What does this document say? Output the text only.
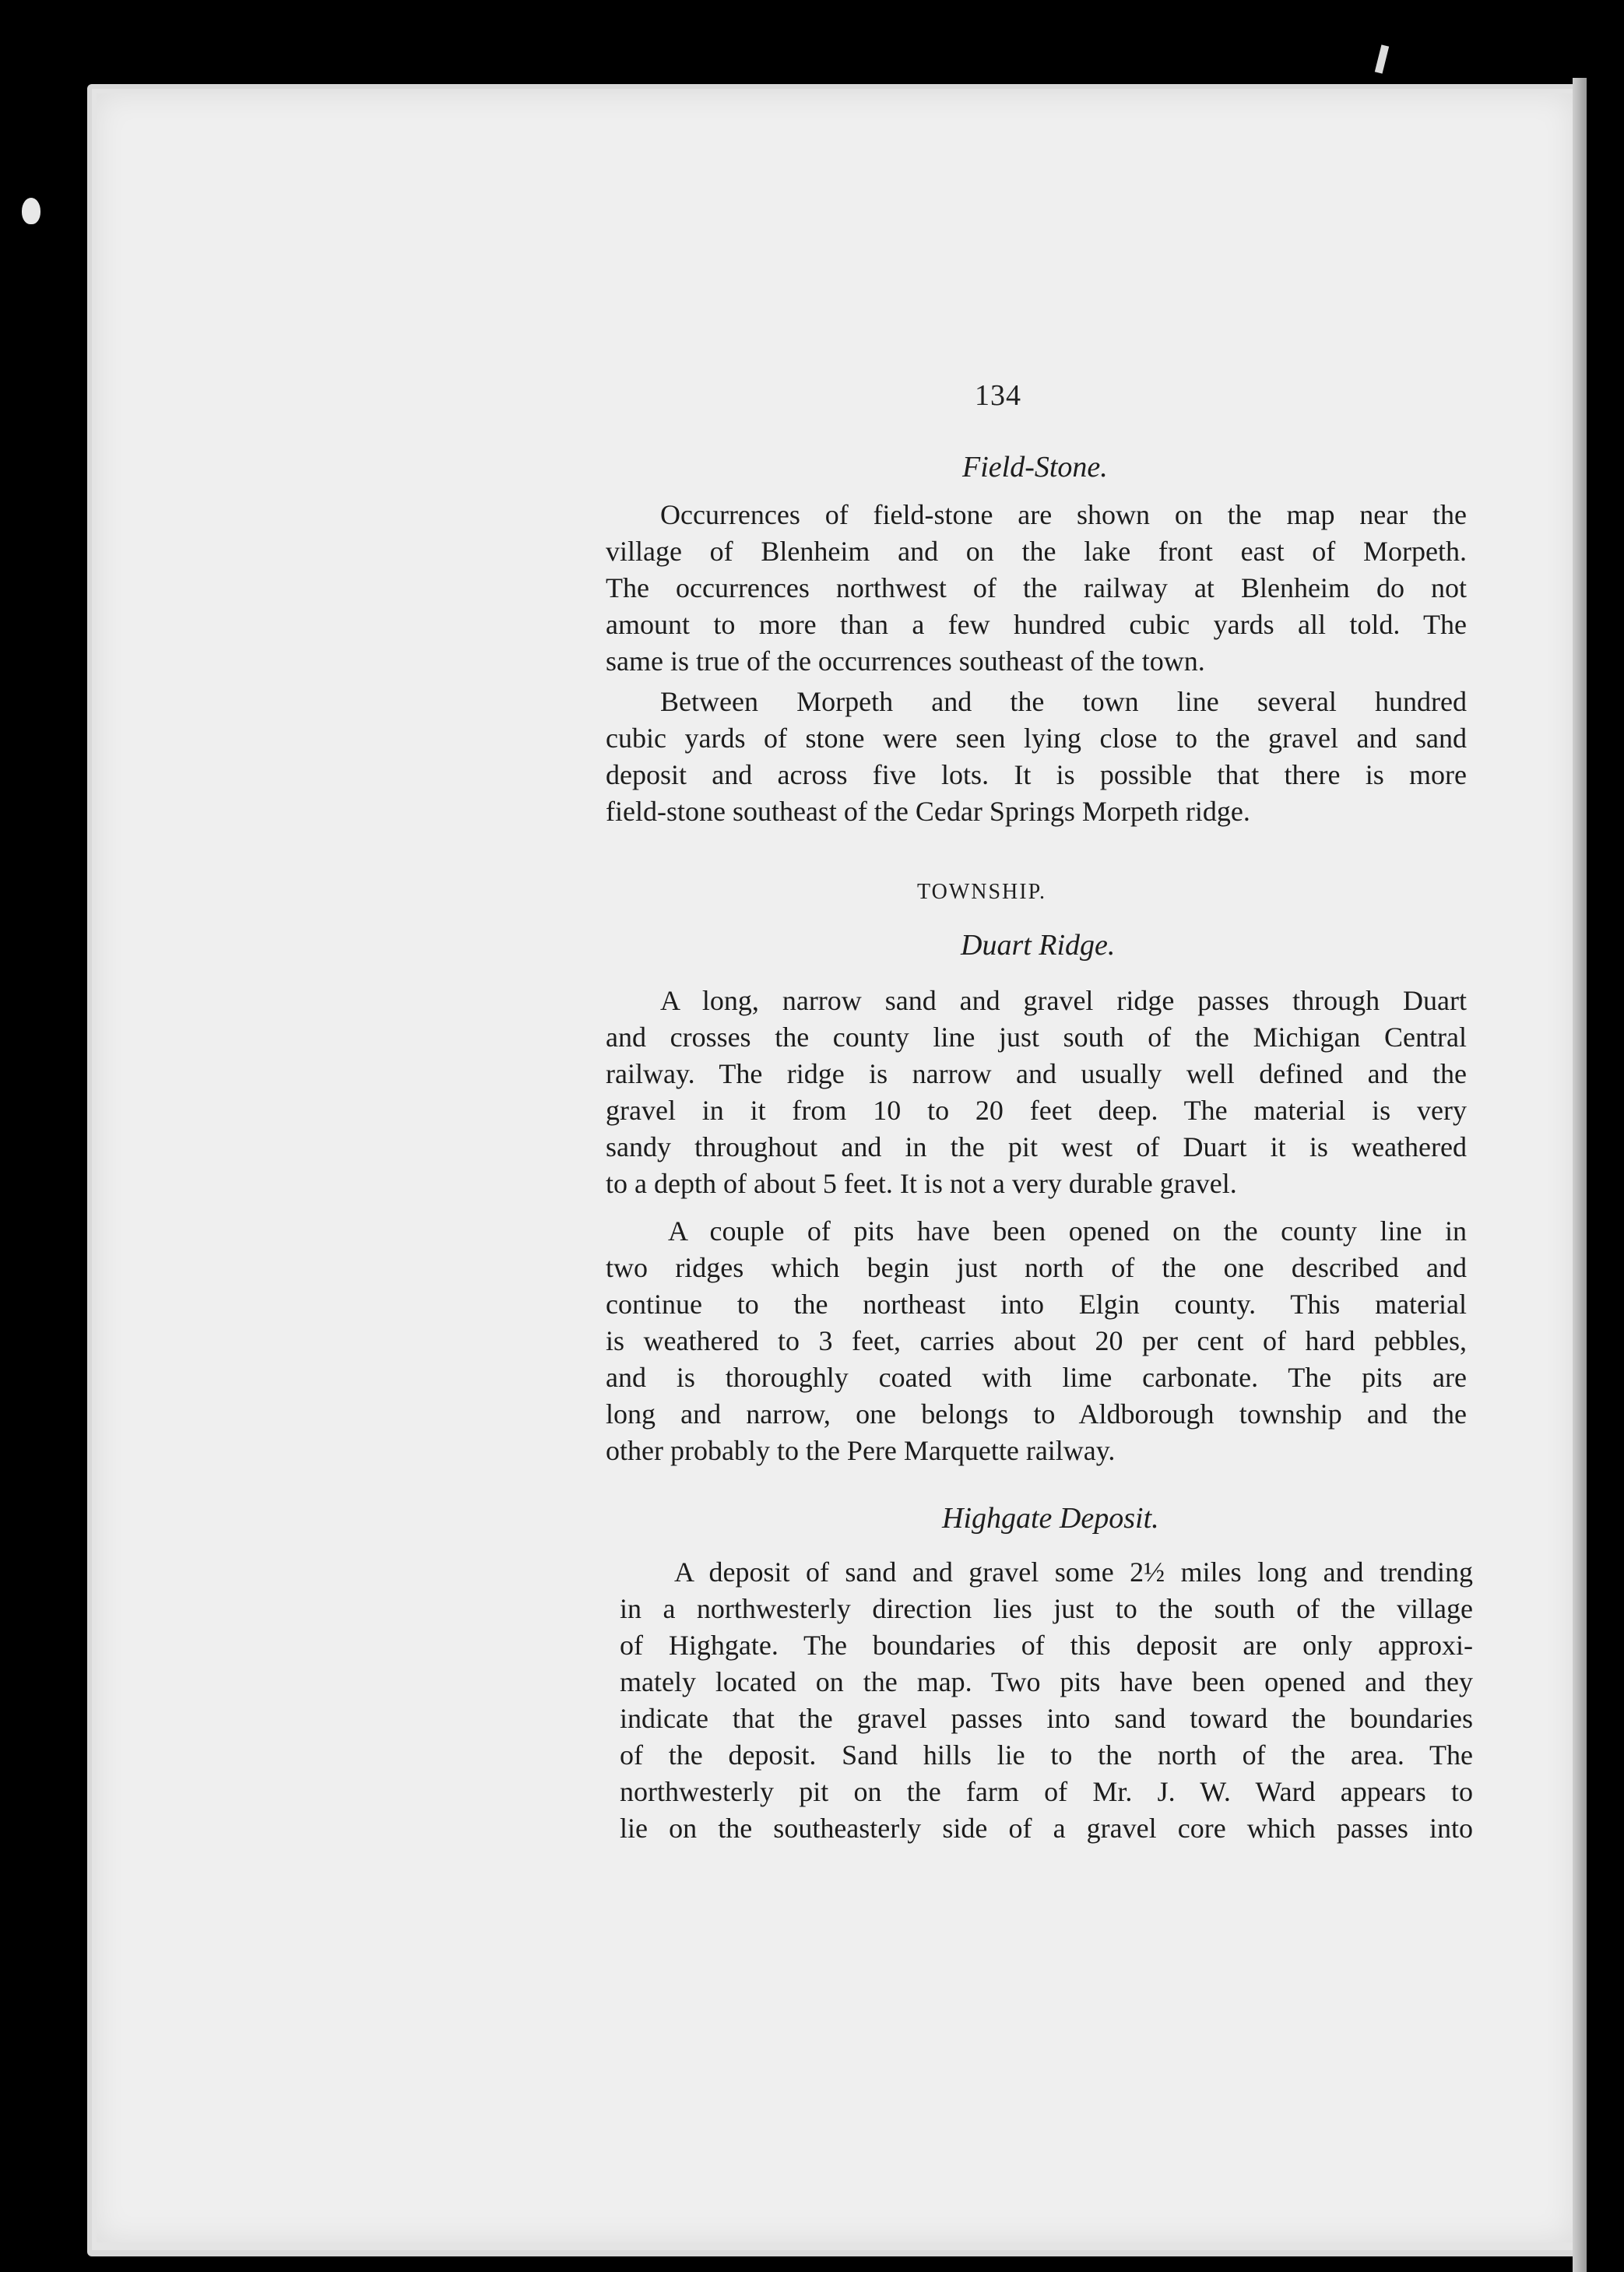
134
Field-Stone.
Occurrences of field-stone are shown on the map near the
village of Blenheim and on the lake front east of Morpeth.
The occurrences northwest of the railway at Blenheim do not
amount to more than a few hundred cubic yards all told. The
same is true of the occurrences southeast of the town.
Between Morpeth and the town line several hundred
cubic yards of stone were seen lying close to the gravel and sand
deposit and across five lots. It is possible that there is more
field-stone southeast of the Cedar Springs Morpeth ridge.
TOWNSHIP.
Duart Ridge.
A long, narrow sand and gravel ridge passes through Duart
and crosses the county line just south of the Michigan Central
railway. The ridge is narrow and usually well defined and the
gravel in it from 10 to 20 feet deep. The material is very
sandy throughout and in the pit west of Duart it is weathered
to a depth of about 5 feet. It is not a very durable gravel.
A couple of pits have been opened on the county line in
two ridges which begin just north of the one described and
continue to the northeast into Elgin county. This material
is weathered to 3 feet, carries about 20 per cent of hard pebbles,
and is thoroughly coated with lime carbonate. The pits are
long and narrow, one belongs to Aldborough township and the
other probably to the Pere Marquette railway.
Highgate Deposit.
A deposit of sand and gravel some 2½ miles long and trending
in a northwesterly direction lies just to the south of the village
of Highgate. The boundaries of this deposit are only approxi-
mately located on the map. Two pits have been opened and they
indicate that the gravel passes into sand toward the boundaries
of the deposit. Sand hills lie to the north of the area. The
northwesterly pit on the farm of Mr. J. W. Ward appears to
lie on the southeasterly side of a gravel core which passes into
